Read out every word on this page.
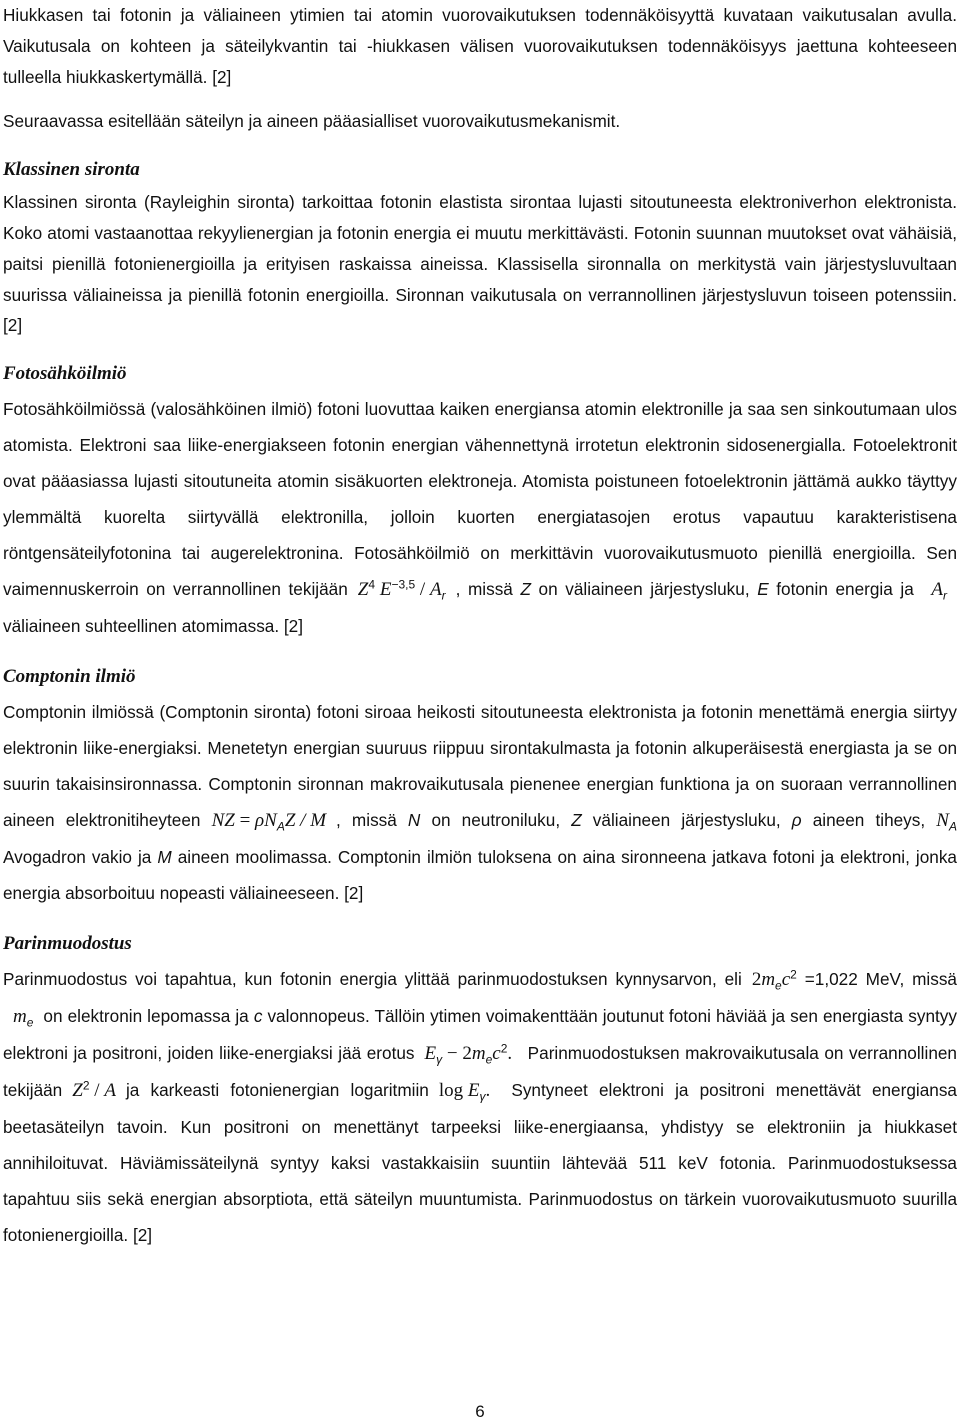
Hiukkasen tai fotonin ja väliaineen ytimien tai atomin vuorovaikutuksen todennäköisyyttä kuvataan vaikutusalan avulla. Vaikutusala on kohteen ja säteilykvantin tai -hiukkasen välisen vuorovaikutuksen todennäköisyys jaettuna kohteeseen tulleella hiukkaskertymällä. [2]

Seuraavassa esitellään säteilyn ja aineen pääasialliset vuorovaikutusmekanismit.

Klassinen sironta

Klassinen sironta (Rayleighin sironta) tarkoittaa fotonin elastista sirontaa lujasti sitoutuneesta elektroniverhon elektronista. Koko atomi vastaanottaa rekyylienergian ja fotonin energia ei muutu merkittävästi. Fotonin suunnan muutokset ovat vähäisiä, paitsi pienillä fotonienergioilla ja erityisen raskaissa aineissa. Klassisella sironnalla on merkitystä vain järjestysluvultaan suurissa väliaineissa ja pienillä fotonin energioilla. Sironnan vaikutusala on verrannollinen järjestysluvun toiseen potenssiin. [2]

Fotosähköilmiö

Fotosähköilmiössä (valosähköinen ilmiö) fotoni luovuttaa kaiken energiansa atomin elektronille ja saa sen sinkoutumaan ulos atomista. Elektroni saa liike-energiakseen fotonin energian vähennettynä irrotetun elektronin sidosenergialla. Fotoelektronit ovat pääasiassa lujasti sitoutuneita atomin sisäkuorten elektroneja. Atomista poistuneen fotoelektronin jättämä aukko täyttyy ylemmältä kuorelta siirtyvällä elektronilla, jolloin kuorten energiatasojen erotus vapautuu karakteristisena röntgensäteilyfotonina tai augerelektronina. Fotosähköilmiö on merkittävin vuorovaikutusmuoto pienillä energioilla. Sen vaimennuskerroin on verrannollinen tekijään $Z^4$ $E^{-3,5} / A_r$ , missä Z on väliaineen järjestysluku, E fotonin energia ja $A_r$ väliaineen suhteellinen atomimassa. [2]

Comptonin ilmiö

Comptonin ilmiössä (Comptonin sironta) fotoni siroaa heikosti sitoutuneesta elektronista ja fotonin menettämä energia siirtyy elektronin liike-energiaksi. Menetetyn energian suuruus riippuu sirontakulmasta ja fotonin alkuperäisestä energiasta ja se on suurin takaisinsironnassa. Comptonin sironnan makrovaikutusala pienenee energian funktiona ja on suoraan verrannollinen aineen elektronitiheyteen NZ = $\rho N_AZ$ / M , missä N on neutroniluku, Z väliaineen järjestysluku, ρ aineen tiheys, $N_A$ Avogadron vakio ja M aineen moolimassa. Comptonin ilmiön tuloksena on aina sironneena jatkava fotoni ja elektroni, jonka energia absorboituu nopeasti väliaineeseen. [2]

Parinmuodostus

Parinmuodostus voi tapahtua, kun fotonin energia ylittää parinmuodostuksen kynnysarvon, eli $2m_ec^2 =1,022$ MeV, missäm$_e$ on elektronin lepomassa ja c valonnopeus. Tällöin ytimen voimakenttään joutunut fotoni häviää ja sen energiasta syntyy elektroni ja positroni, joiden liike-energiaksi jää erotus $E_\gamma - 2m_ec^2$. Parinmuodostuksen makrovaikutusala on verrannollinen tekijään $Z^2$ / A ja karkeasti fotonienergian logaritmiin $\log E_\gamma$. Syntyneet elektroni ja positroni menettävät energiansa beetasäteilyn tavoin. Kun positroni on menettänyt tarpeeksi liike-energiaansa, yhdistyy se elektroniin ja hiukkaset annihiloituvat. Häviämissäteilynä syntyy kaksi vastakkaisiin suuntiin lähtevää 511 keV fotonia. Parinmuodostuksessa tapahtuu siis sekä energian absorptiota, että säteilyn muuntumista. Parinmuodostus on tärkein vuorovaikutusmuoto suurilla fotonienergioilla. [2]

6
